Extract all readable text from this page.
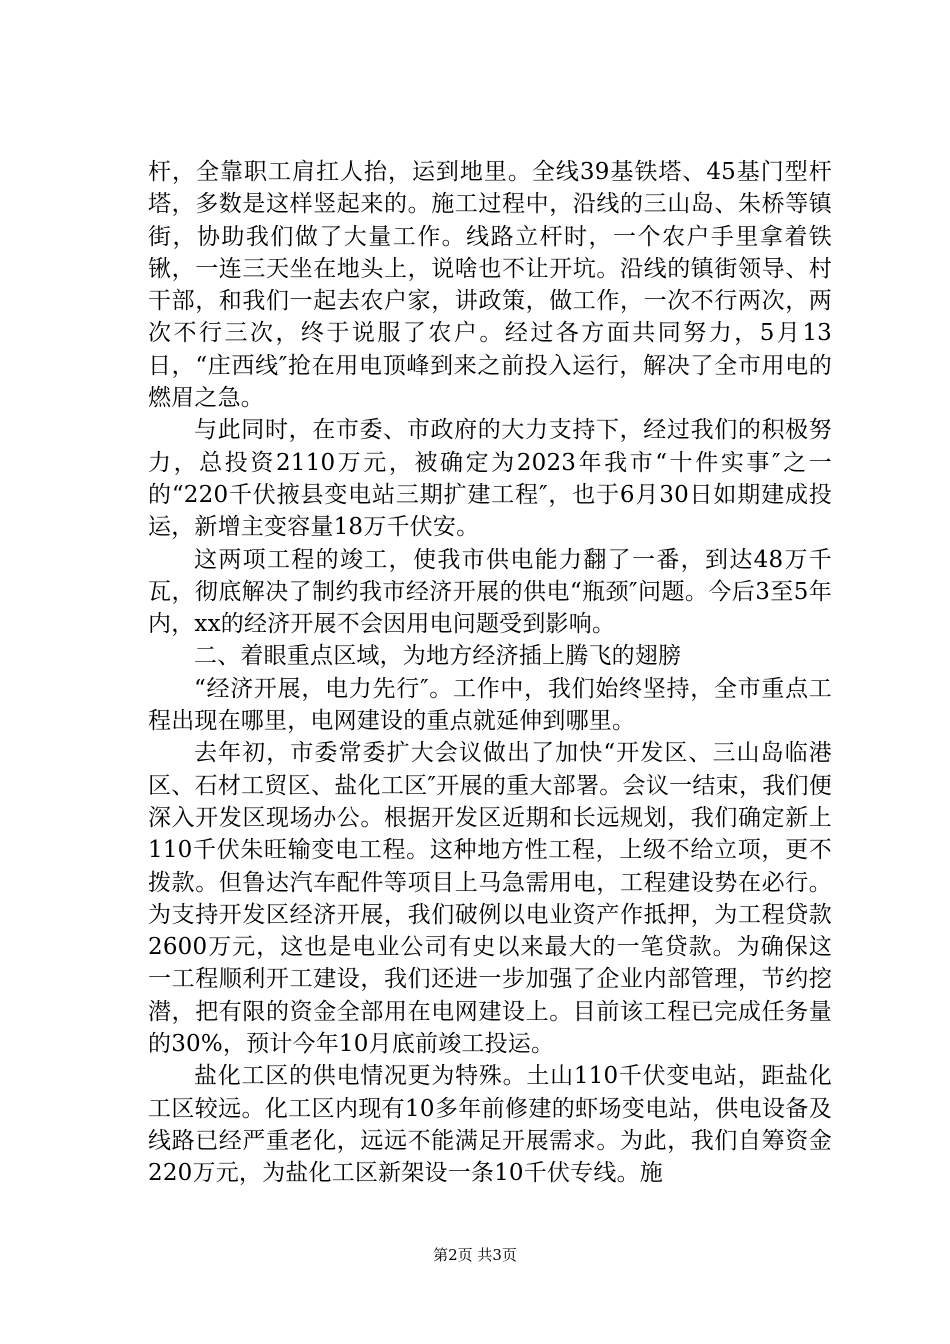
杆，全靠职工肩扛人抬，运到地里。全线39基铁塔、45基门型杆塔，多数是这样竖起来的。施工过程中，沿线的三山岛、朱桥等镇街，协助我们做了大量工作。线路立杆时，一个农户手里拿着铁锹，一连三天坐在地头上，说啥也不让开坑。沿线的镇街领导、村干部，和我们一起去农户家，讲政策，做工作，一次不行两次，两次不行三次，终于说服了农户。经过各方面共同努力，5月13日，“庄西线″抢在用电顶峰到来之前投入运行，解决了全市用电的燃眉之急。

与此同时，在市委、市政府的大力支持下，经过我们的积极努力，总投资2110万元，被确定为2023年我市“十件实事″之一的“220千伏掖县变电站三期扩建工程″，也于6月30日如期建成投运，新增主变容量18万千伏安。

这两项工程的竣工，使我市供电能力翻了一番，到达48万千瓦，彻底解决了制约我市经济开展的供电“瓶颈″问题。今后3至5年内，xx的经济开展不会因用电问题受到影响。

二、着眼重点区域，为地方经济插上腾飞的翅膀

“经济开展，电力先行″。工作中，我们始终坚持，全市重点工程出现在哪里，电网建设的重点就延伸到哪里。

去年初，市委常委扩大会议做出了加快“开发区、三山岛临港区、石材工贸区、盐化工区″开展的重大部署。会议一结束，我们便深入开发区现场办公。根据开发区近期和长远规划，我们确定新上110千伏朱旺输变电工程。这种地方性工程，上级不给立项，更不拨款。但鲁达汽车配件等项目上马急需用电，工程建设势在必行。为支持开发区经济开展，我们破例以电业资产作抵押，为工程贷款2600万元，这也是电业公司有史以来最大的一笔贷款。为确保这一工程顺利开工建设，我们还进一步加强了企业内部管理，节约挖潜，把有限的资金全部用在电网建设上。目前该工程已完成任务量的30%，预计今年10月底前竣工投运。

盐化工区的供电情况更为特殊。土山110千伏变电站，距盐化工区较远。化工区内现有10多年前修建的虾场变电站，供电设备及线路已经严重老化，远远不能满足开展需求。为此，我们自筹资金220万元，为盐化工区新架设一条10千伏专线。施

第2页 共3页
